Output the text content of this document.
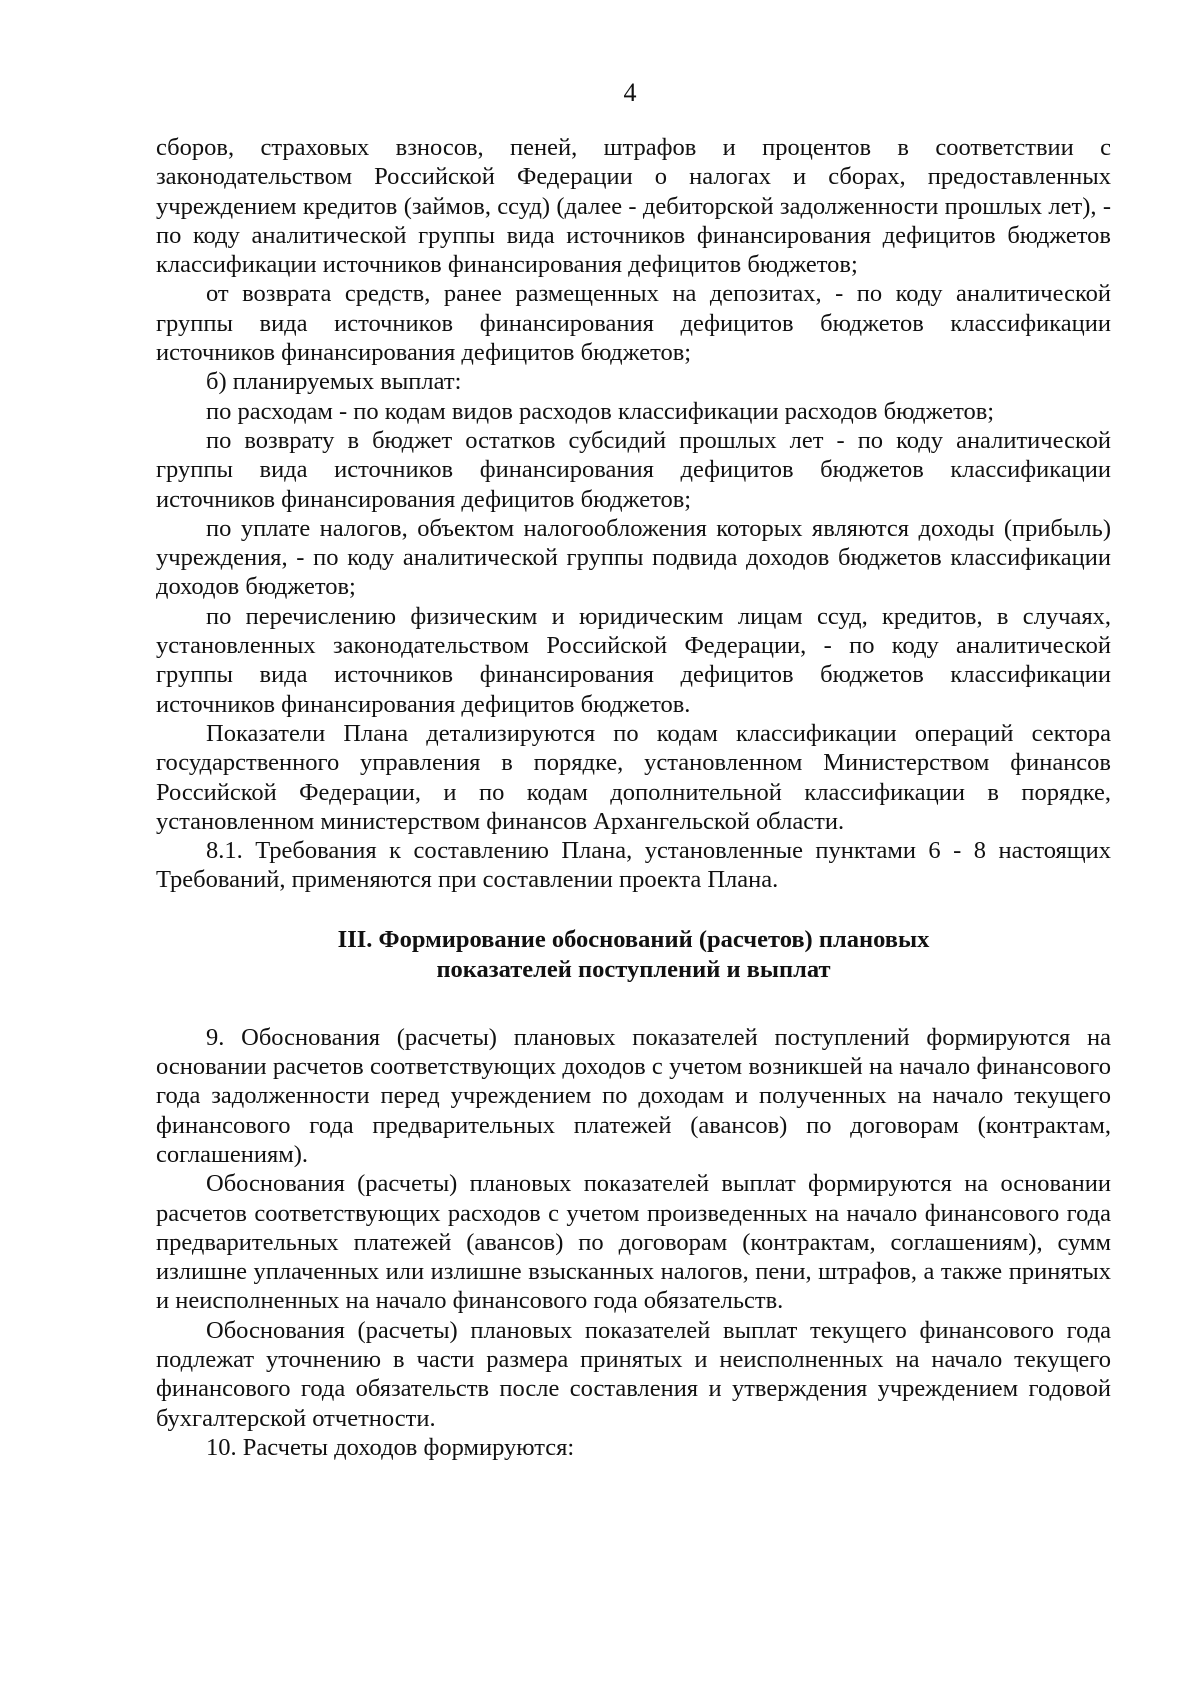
4

сборов, страховых взносов, пеней, штрафов и процентов в соответствии с законодательством Российской Федерации о налогах и сборах, предоставленных учреждением кредитов (займов, ссуд) (далее - дебиторской задолженности прошлых лет), - по коду аналитической группы вида источников финансирования дефицитов бюджетов классификации источников финансирования дефицитов бюджетов;

от возврата средств, ранее размещенных на депозитах, - по коду аналитической группы вида источников финансирования дефицитов бюджетов классификации источников финансирования дефицитов бюджетов;

б) планируемых выплат:

по расходам - по кодам видов расходов классификации расходов бюджетов;

по возврату в бюджет остатков субсидий прошлых лет - по коду аналитической группы вида источников финансирования дефицитов бюджетов классификации источников финансирования дефицитов бюджетов;

по уплате налогов, объектом налогообложения которых являются доходы (прибыль) учреждения, - по коду аналитической группы подвида доходов бюджетов классификации доходов бюджетов;

по перечислению физическим и юридическим лицам ссуд, кредитов, в случаях, установленных законодательством Российской Федерации, - по коду аналитической группы вида источников финансирования дефицитов бюджетов классификации источников финансирования дефицитов бюджетов.

Показатели Плана детализируются по кодам классификации операций сектора государственного управления в порядке, установленном Министерством финансов Российской Федерации, и по кодам дополнительной классификации в порядке, установленном министерством финансов Архангельской области.

8.1. Требования к составлению Плана, установленные пунктами 6 - 8 настоящих Требований, применяются при составлении проекта Плана.

III. Формирование обоснований (расчетов) плановых
показателей поступлений и выплат

9. Обоснования (расчеты) плановых показателей поступлений формируются на основании расчетов соответствующих доходов с учетом возникшей на начало финансового года задолженности перед учреждением по доходам и полученных на начало текущего финансового года предварительных платежей (авансов) по договорам (контрактам, соглашениям).

Обоснования (расчеты) плановых показателей выплат формируются на основании расчетов соответствующих расходов с учетом произведенных на начало финансового года предварительных платежей (авансов) по договорам (контрактам, соглашениям), сумм излишне уплаченных или излишне взысканных налогов, пени, штрафов, а также принятых и неисполненных на начало финансового года обязательств.

Обоснования (расчеты) плановых показателей выплат текущего финансового года подлежат уточнению в части размера принятых и неисполненных на начало текущего финансового года обязательств после составления и утверждения учреждением годовой бухгалтерской отчетности.

10. Расчеты доходов формируются:
